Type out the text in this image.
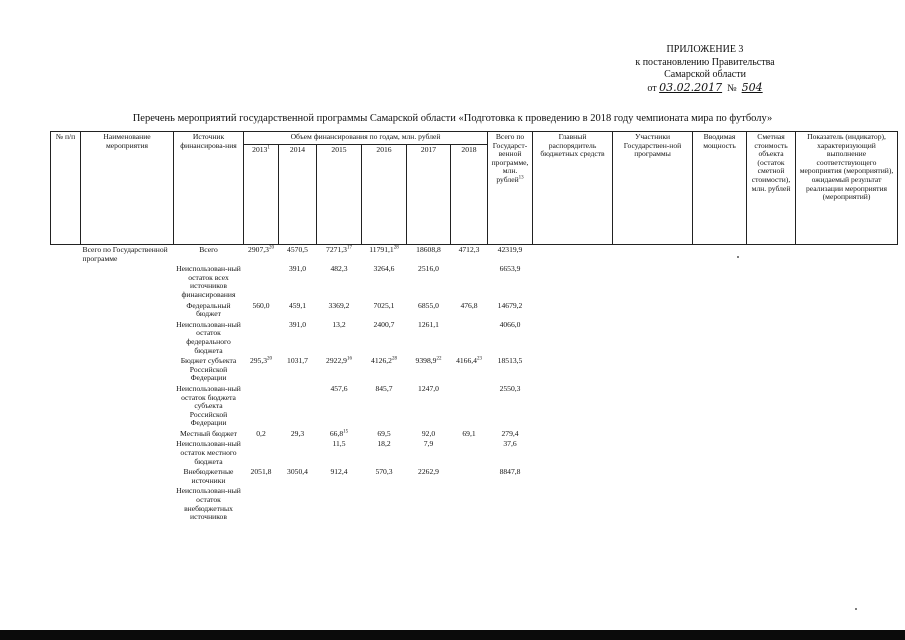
ПРИЛОЖЕНИЕ 3
к постановлению Правительства
Самарской области
от 03.02.2017 № 504
Перечень мероприятий государственной программы Самарской области «Подготовка к проведению в 2018 году чемпионата мира по футболу»
№ п/п	Наименование мероприятия	Источник финансирова-ния	Объем финансирования по годам, млн. рублей						Всего по Государст-венной программе, млн. рублей$^{13}$	Главный распорядитель бюджетных средств	Участники Государствен-ной программы	Вводимая мощность	Сметная стоимость объекта (остаток сметной стоимости), млн. рублей	Показатель (индикатор), характеризующий выполнение соответствующего мероприятия (мероприятий), ожидаемый результат реализации мероприятия (мероприятий)
			2013$^1$	2014	2015	2016	2017	2018						
	Всего по Государственной программе	Всего	2907,3$^{20}$	4570,5	7271,3$^{17}$	11791,1$^{28}$	18608,8	4712,3	42319,9					
		Неиспользован-ный остаток всех источников финансирования		391,0	482,3	3264,6	2516,0		6653,9					
		Федеральный бюджет	560,0	459,1	3369,2	7025,1	6855,0	476,8	14679,2					
		Неиспользован-ный остаток федерального бюджета		391,0	13,2	2400,7	1261,1		4066,0					
		Бюджет субъекта Российской Федерации	295,3$^{20}$	1031,7	2922,9$^{16}$	4126,2$^{28}$	9398,9$^{22}$	4166,4$^{23}$	18513,5					
		Неиспользован-ный остаток бюджета субъекта Российской Федерации			457,6	845,7	1247,0		2550,3					
		Местный бюджет	0,2	29,3	66,8$^{15}$	69,5	92,0	69,1	279,4					
		Неиспользован-ный остаток местного бюджета			11,5	18,2	7,9		37,6					
		Внебюджетные источники	2051,8	3050,4	912,4	570,3	2262,9		8847,8					
		Неиспользован-ный остаток внебюджетных источников												
